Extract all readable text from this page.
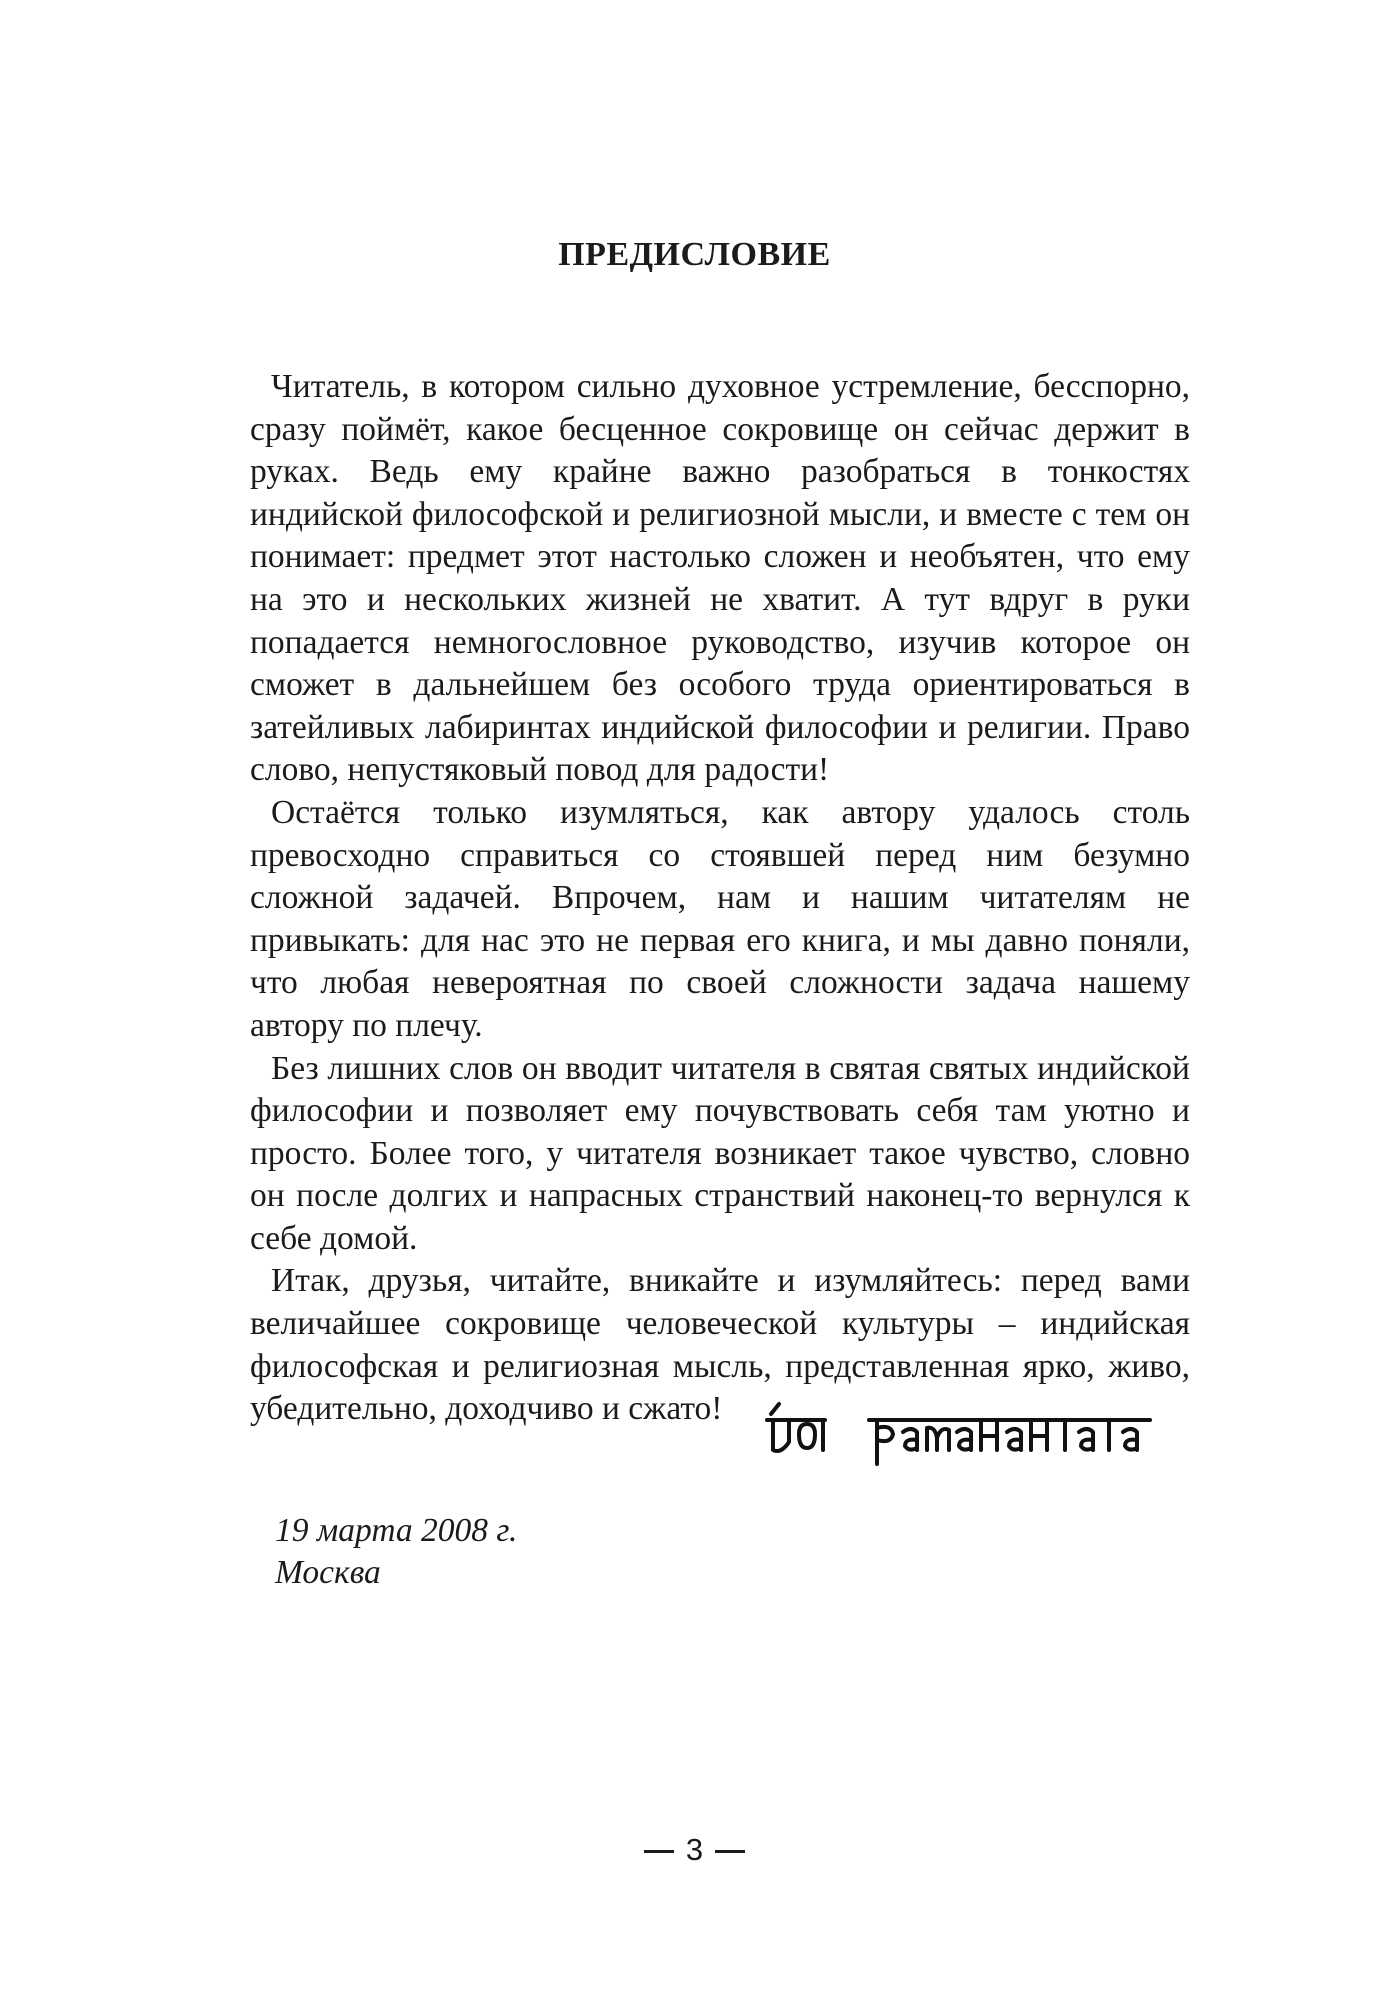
ПРЕДИСЛОВИЕ

Читатель, в котором сильно духовное устремление, бесспорно, сразу поймёт, какое бесценное сокровище он сейчас держит в руках. Ведь ему крайне важно разобраться в тонкостях индийской философской и религиозной мысли, и вместе с тем он понимает: предмет этот настолько сложен и необъятен, что ему на это и нескольких жизней не хватит. А тут вдруг в руки попадается немногословное руководство, изучив которое он сможет в дальнейшем без особого труда ориентироваться в затейливых лабиринтах индийской философии и религии. Право слово, непустяковый повод для радости!

Остаётся только изумляться, как автору удалось столь превосходно справиться со стоявшей перед ним безумно сложной задачей. Впрочем, нам и нашим читателям не привыкать: для нас это не первая его книга, и мы давно поняли, что любая невероятная по своей сложности задача нашему автору по плечу.

Без лишних слов он вводит читателя в святая святых индийской философии и позволяет ему почувствовать себя там уютно и просто. Более того, у читателя возникает такое чувство, словно он после долгих и напрасных странствий наконец-то вернулся к себе домой.

Итак, друзья, читайте, вникайте и изумляйтесь: перед вами величайшее сокровище человеческой культуры – индийская философская и религиозная мысль, представленная ярко, живо, убедительно, доходчиво и сжато!

19 марта 2008 г.
Москва
3
